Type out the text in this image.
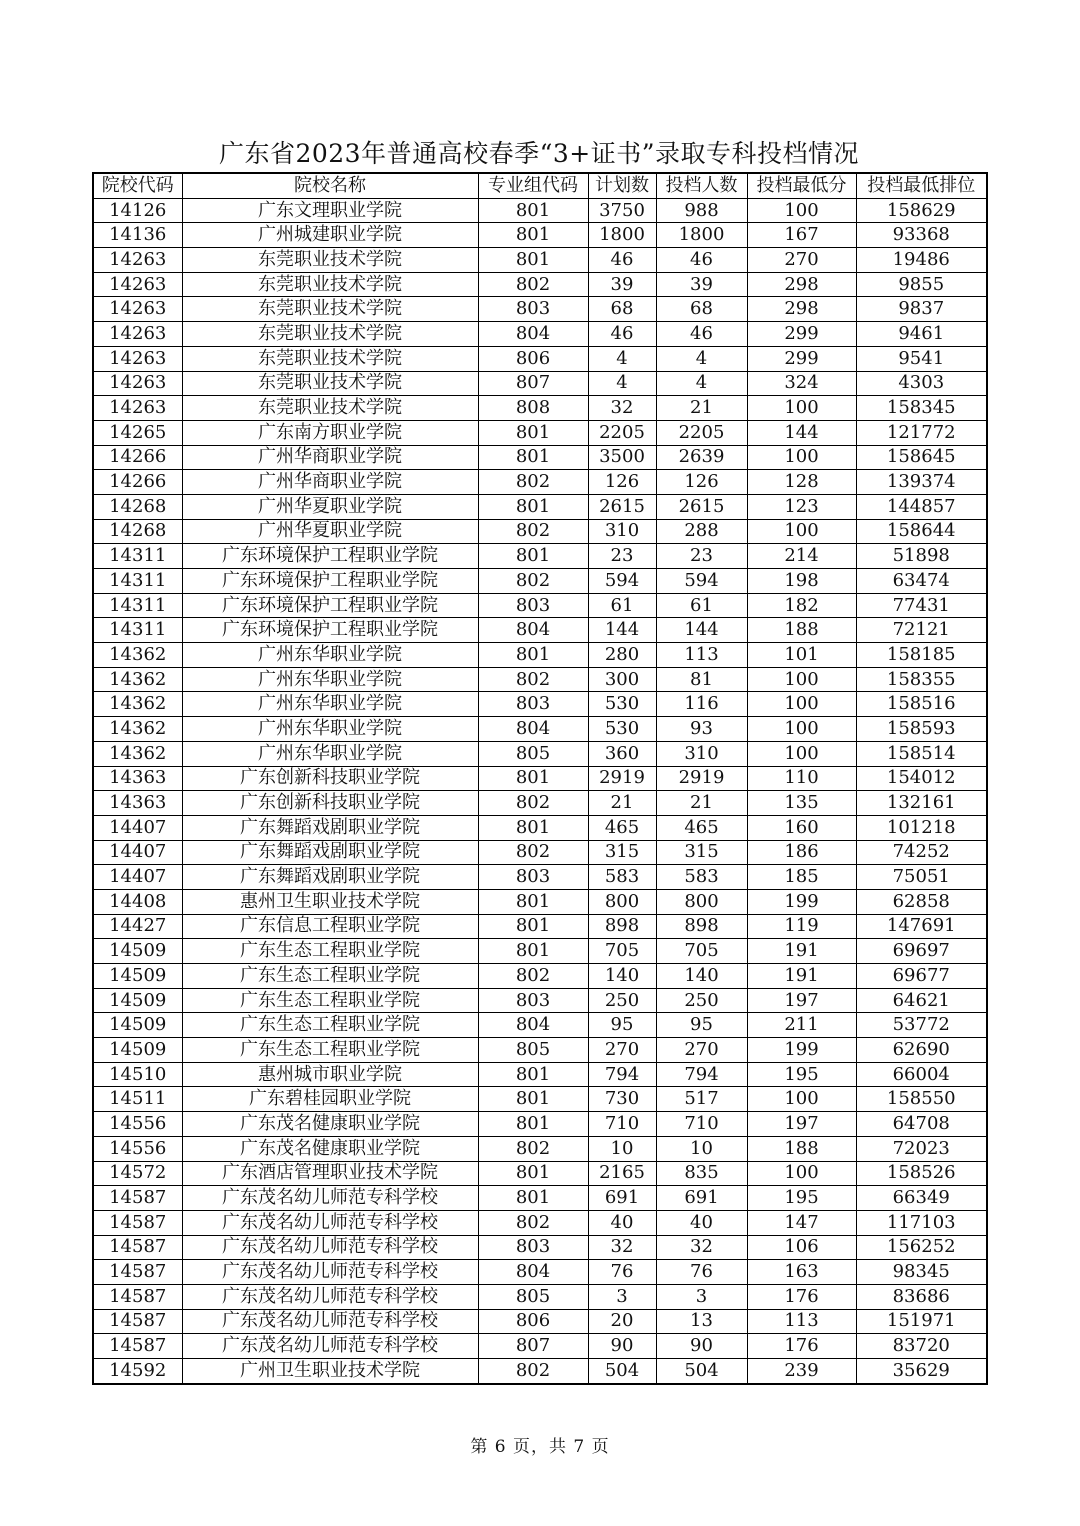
广东省2023年普通高校春季“3+证书”录取专科投档情况
院校代码	院校名称	专业组代码	计划数	投档人数	投档最低分	投档最低排位
14126	广东文理职业学院	801	3750	988	100	158629
14136	广州城建职业学院	801	1800	1800	167	93368
14263	东莞职业技术学院	801	46	46	270	19486
14263	东莞职业技术学院	802	39	39	298	9855
14263	东莞职业技术学院	803	68	68	298	9837
14263	东莞职业技术学院	804	46	46	299	9461
14263	东莞职业技术学院	806	4	4	299	9541
14263	东莞职业技术学院	807	4	4	324	4303
14263	东莞职业技术学院	808	32	21	100	158345
14265	广东南方职业学院	801	2205	2205	144	121772
14266	广州华商职业学院	801	3500	2639	100	158645
14266	广州华商职业学院	802	126	126	128	139374
14268	广州华夏职业学院	801	2615	2615	123	144857
14268	广州华夏职业学院	802	310	288	100	158644
14311	广东环境保护工程职业学院	801	23	23	214	51898
14311	广东环境保护工程职业学院	802	594	594	198	63474
14311	广东环境保护工程职业学院	803	61	61	182	77431
14311	广东环境保护工程职业学院	804	144	144	188	72121
14362	广州东华职业学院	801	280	113	101	158185
14362	广州东华职业学院	802	300	81	100	158355
14362	广州东华职业学院	803	530	116	100	158516
14362	广州东华职业学院	804	530	93	100	158593
14362	广州东华职业学院	805	360	310	100	158514
14363	广东创新科技职业学院	801	2919	2919	110	154012
14363	广东创新科技职业学院	802	21	21	135	132161
14407	广东舞蹈戏剧职业学院	801	465	465	160	101218
14407	广东舞蹈戏剧职业学院	802	315	315	186	74252
14407	广东舞蹈戏剧职业学院	803	583	583	185	75051
14408	惠州卫生职业技术学院	801	800	800	199	62858
14427	广东信息工程职业学院	801	898	898	119	147691
14509	广东生态工程职业学院	801	705	705	191	69697
14509	广东生态工程职业学院	802	140	140	191	69677
14509	广东生态工程职业学院	803	250	250	197	64621
14509	广东生态工程职业学院	804	95	95	211	53772
14509	广东生态工程职业学院	805	270	270	199	62690
14510	惠州城市职业学院	801	794	794	195	66004
14511	广东碧桂园职业学院	801	730	517	100	158550
14556	广东茂名健康职业学院	801	710	710	197	64708
14556	广东茂名健康职业学院	802	10	10	188	72023
14572	广东酒店管理职业技术学院	801	2165	835	100	158526
14587	广东茂名幼儿师范专科学校	801	691	691	195	66349
14587	广东茂名幼儿师范专科学校	802	40	40	147	117103
14587	广东茂名幼儿师范专科学校	803	32	32	106	156252
14587	广东茂名幼儿师范专科学校	804	76	76	163	98345
14587	广东茂名幼儿师范专科学校	805	3	3	176	83686
14587	广东茂名幼儿师范专科学校	806	20	13	113	151971
14587	广东茂名幼儿师范专科学校	807	90	90	176	83720
14592	广州卫生职业技术学院	802	504	504	239	35629
第 6 页，共 7 页
